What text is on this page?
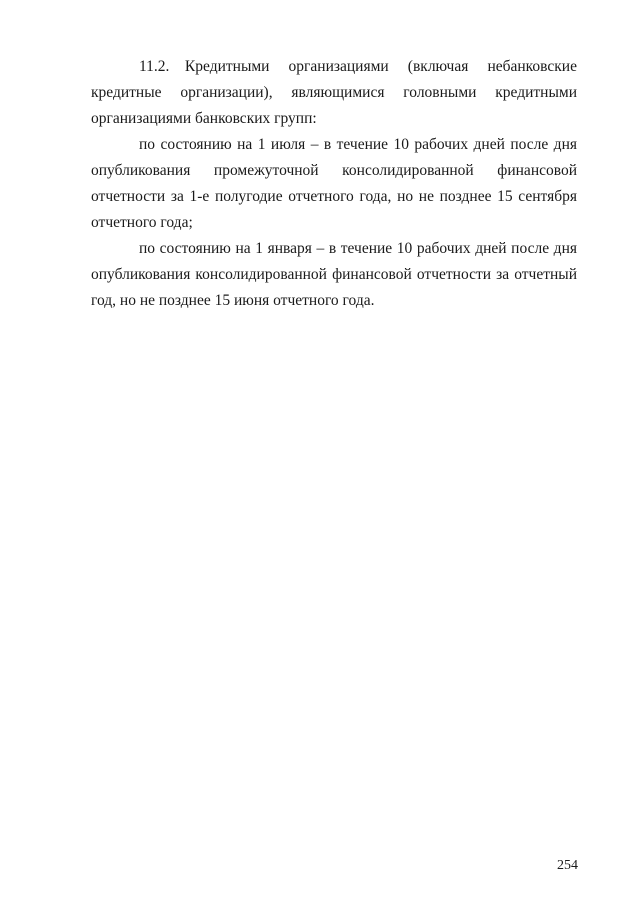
11.2. Кредитными организациями (включая небанковские кредитные организации), являющимися головными кредитными организациями банковских групп:

по состоянию на 1 июля – в течение 10 рабочих дней после дня опубликования промежуточной консолидированной финансовой отчетности за 1-е полугодие отчетного года, но не позднее 15 сентября отчетного года;

по состоянию на 1 января – в течение 10 рабочих дней после дня опубликования консолидированной финансовой отчетности за отчетный год, но не позднее 15 июня отчетного года.

254
